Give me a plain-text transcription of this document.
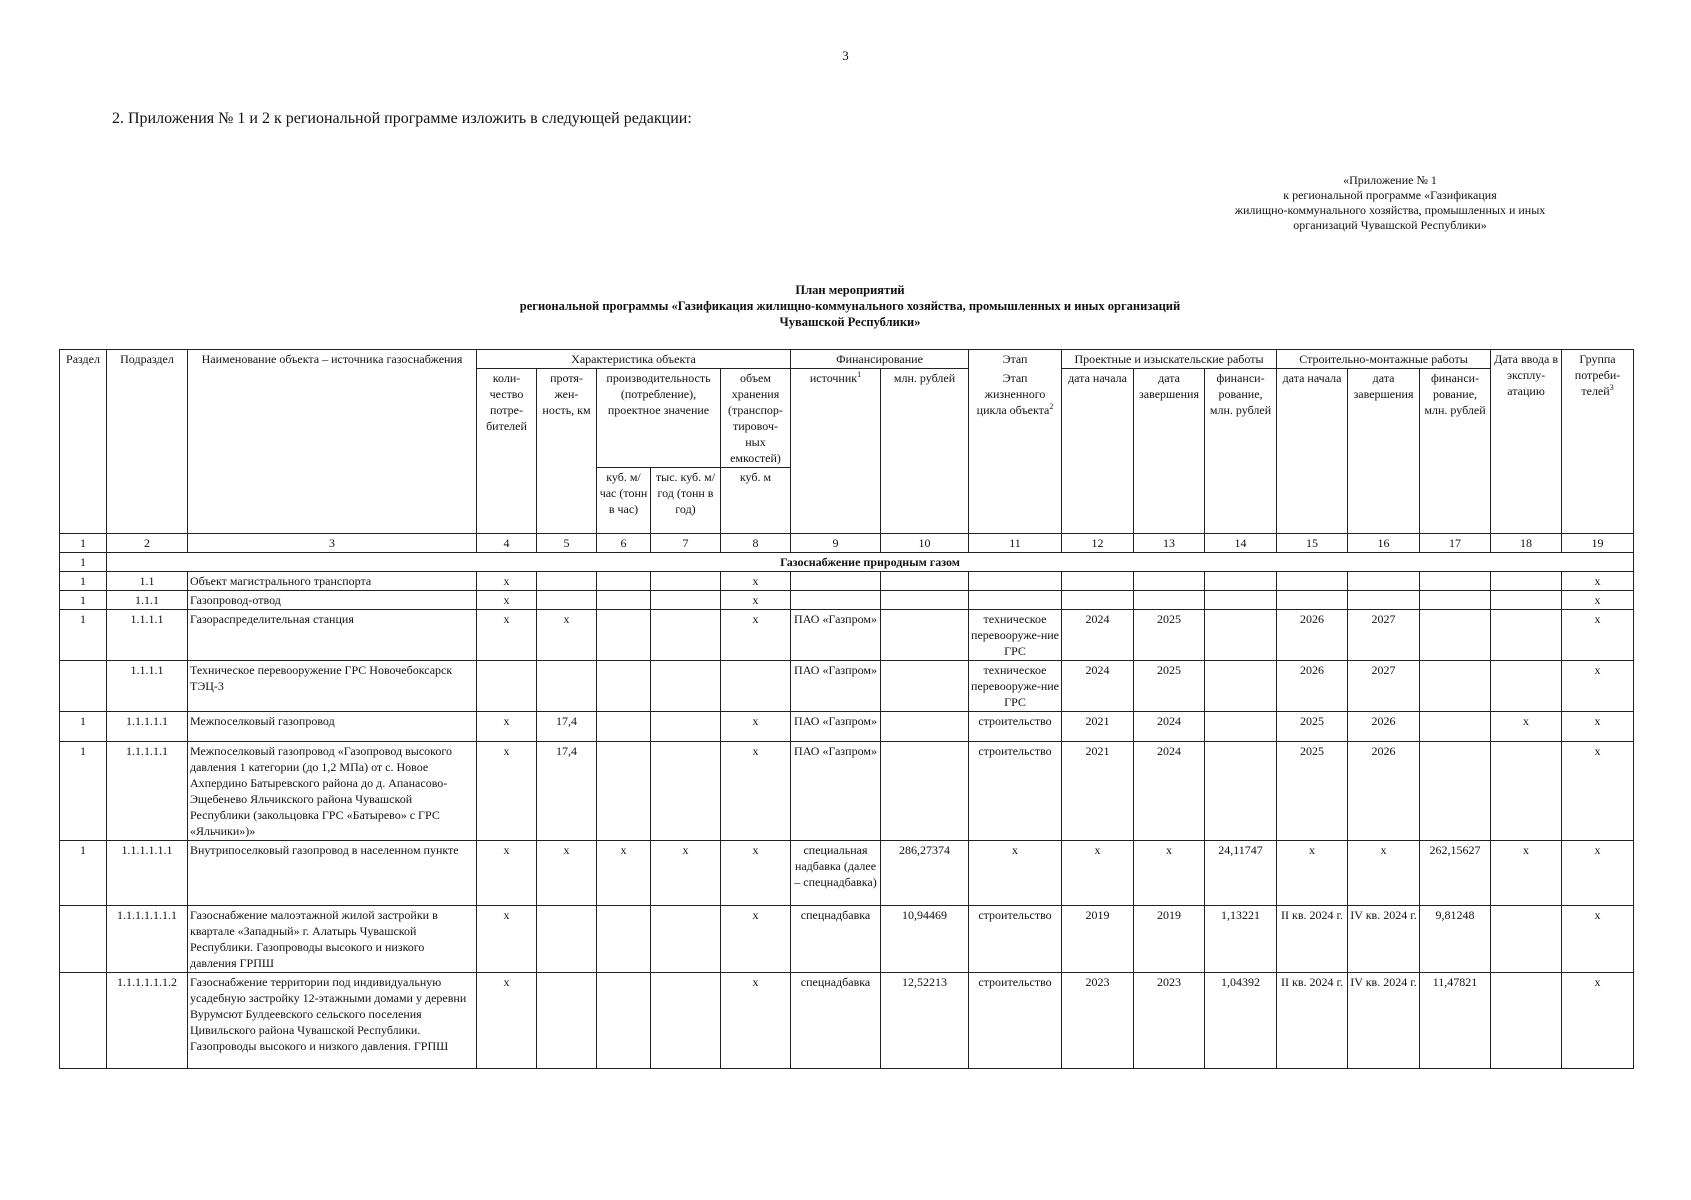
3
2. Приложения № 1 и 2 к региональной программе изложить в следующей редакции:
«Приложение № 1
к региональной программе «Газификация
жилищно-коммунального хозяйства, промышленных и иных
организаций Чувашской Республики»
План мероприятий
региональной программы «Газификация жилищно-коммунального хозяйства, промышленных и иных организаций
Чувашской Республики»
Раздел	Подраздел	Наименование объекта – источника газоснабжения	Характеристика объекта					Финансирование		Этап	Проектные и изыскательские работы			Строительно-монтажные работы			Дата ввода в эксплу-атацию	Группа потреби-телей$^3$
			коли-чество потре-бителей	протя-жен-ность, км	производительность (потребление), проектное значение		объем хранения (транспор-тировоч-ных емкостей)	источник$^1$	млн. рублей	Этап жизненного цикла объекта$^2$	дата начала	дата завершения	финанси-рование, млн. рублей	дата начала	дата завершения	финанси-рование, млн. рублей		
					куб. м/час (тонн в час)	тыс. куб. м/год (тонн в год)	куб. м											

1	2	3	4	5	6	7	8	9	10	11	12	13	14	15	16	17	18	19
1	Газоснабжение природным газом																	
1	1.1	Объект магистрального транспорта	х				х											х
1	1.1.1	Газопровод-отвод	х				х											х
1	1.1.1.1	Газораспределительная станция	х	х			х	ПАО «Газпром»		техническое перевооруже-ние ГРС	2024	2025		2026	2027			х
	1.1.1.1	Техническое перевооружение ГРС Новочебоксарск ТЭЦ-3						ПАО «Газпром»		техническое перевооруже-ние ГРС	2024	2025		2026	2027			х
1	1.1.1.1.1	Межпоселковый газопровод	х	17,4			х	ПАО «Газпром»		строительство	2021	2024		2025	2026		х	х
1	1.1.1.1.1	Межпоселковый газопровод «Газопровод высокого давления 1 категории (до 1,2 МПа) от с. Новое Ахпердино Батыревского района до д. Апанасово-Эщебенево Яльчикского района Чувашской Республики (закольцовка ГРС «Батырево» с ГРС «Яльчики»)»	х	17,4			х	ПАО «Газпром»		строительство	2021	2024		2025	2026			х
1	1.1.1.1.1.1	Внутрипоселковый газопровод в населенном пункте	х	х	х	х	х	специальная надбавка (далее – спецнадбавка)	286,27374	х	х	х	24,11747	х	х	262,15627	х	х
	1.1.1.1.1.1.1	Газоснабжение малоэтажной жилой застройки в квартале «Западный» г. Алатырь Чувашской Республики. Газопроводы высокого и низкого давления ГРПШ	х				х	спецнадбавка	10,94469	строительство	2019	2019	1,13221	II кв. 2024 г.	IV кв. 2024 г.	9,81248		х
	1.1.1.1.1.1.2	Газоснабжение территории под индивидуальную усадебную застройку 12-этажными домами у деревни Вурумсют Булдеевского сельского поселения Цивильского района Чувашской Республики. Газопроводы высокого и низкого давления. ГРПШ	х				х	спецнадбавка	12,52213	строительство	2023	2023	1,04392	II кв. 2024 г.	IV кв. 2024 г.	11,47821		х
